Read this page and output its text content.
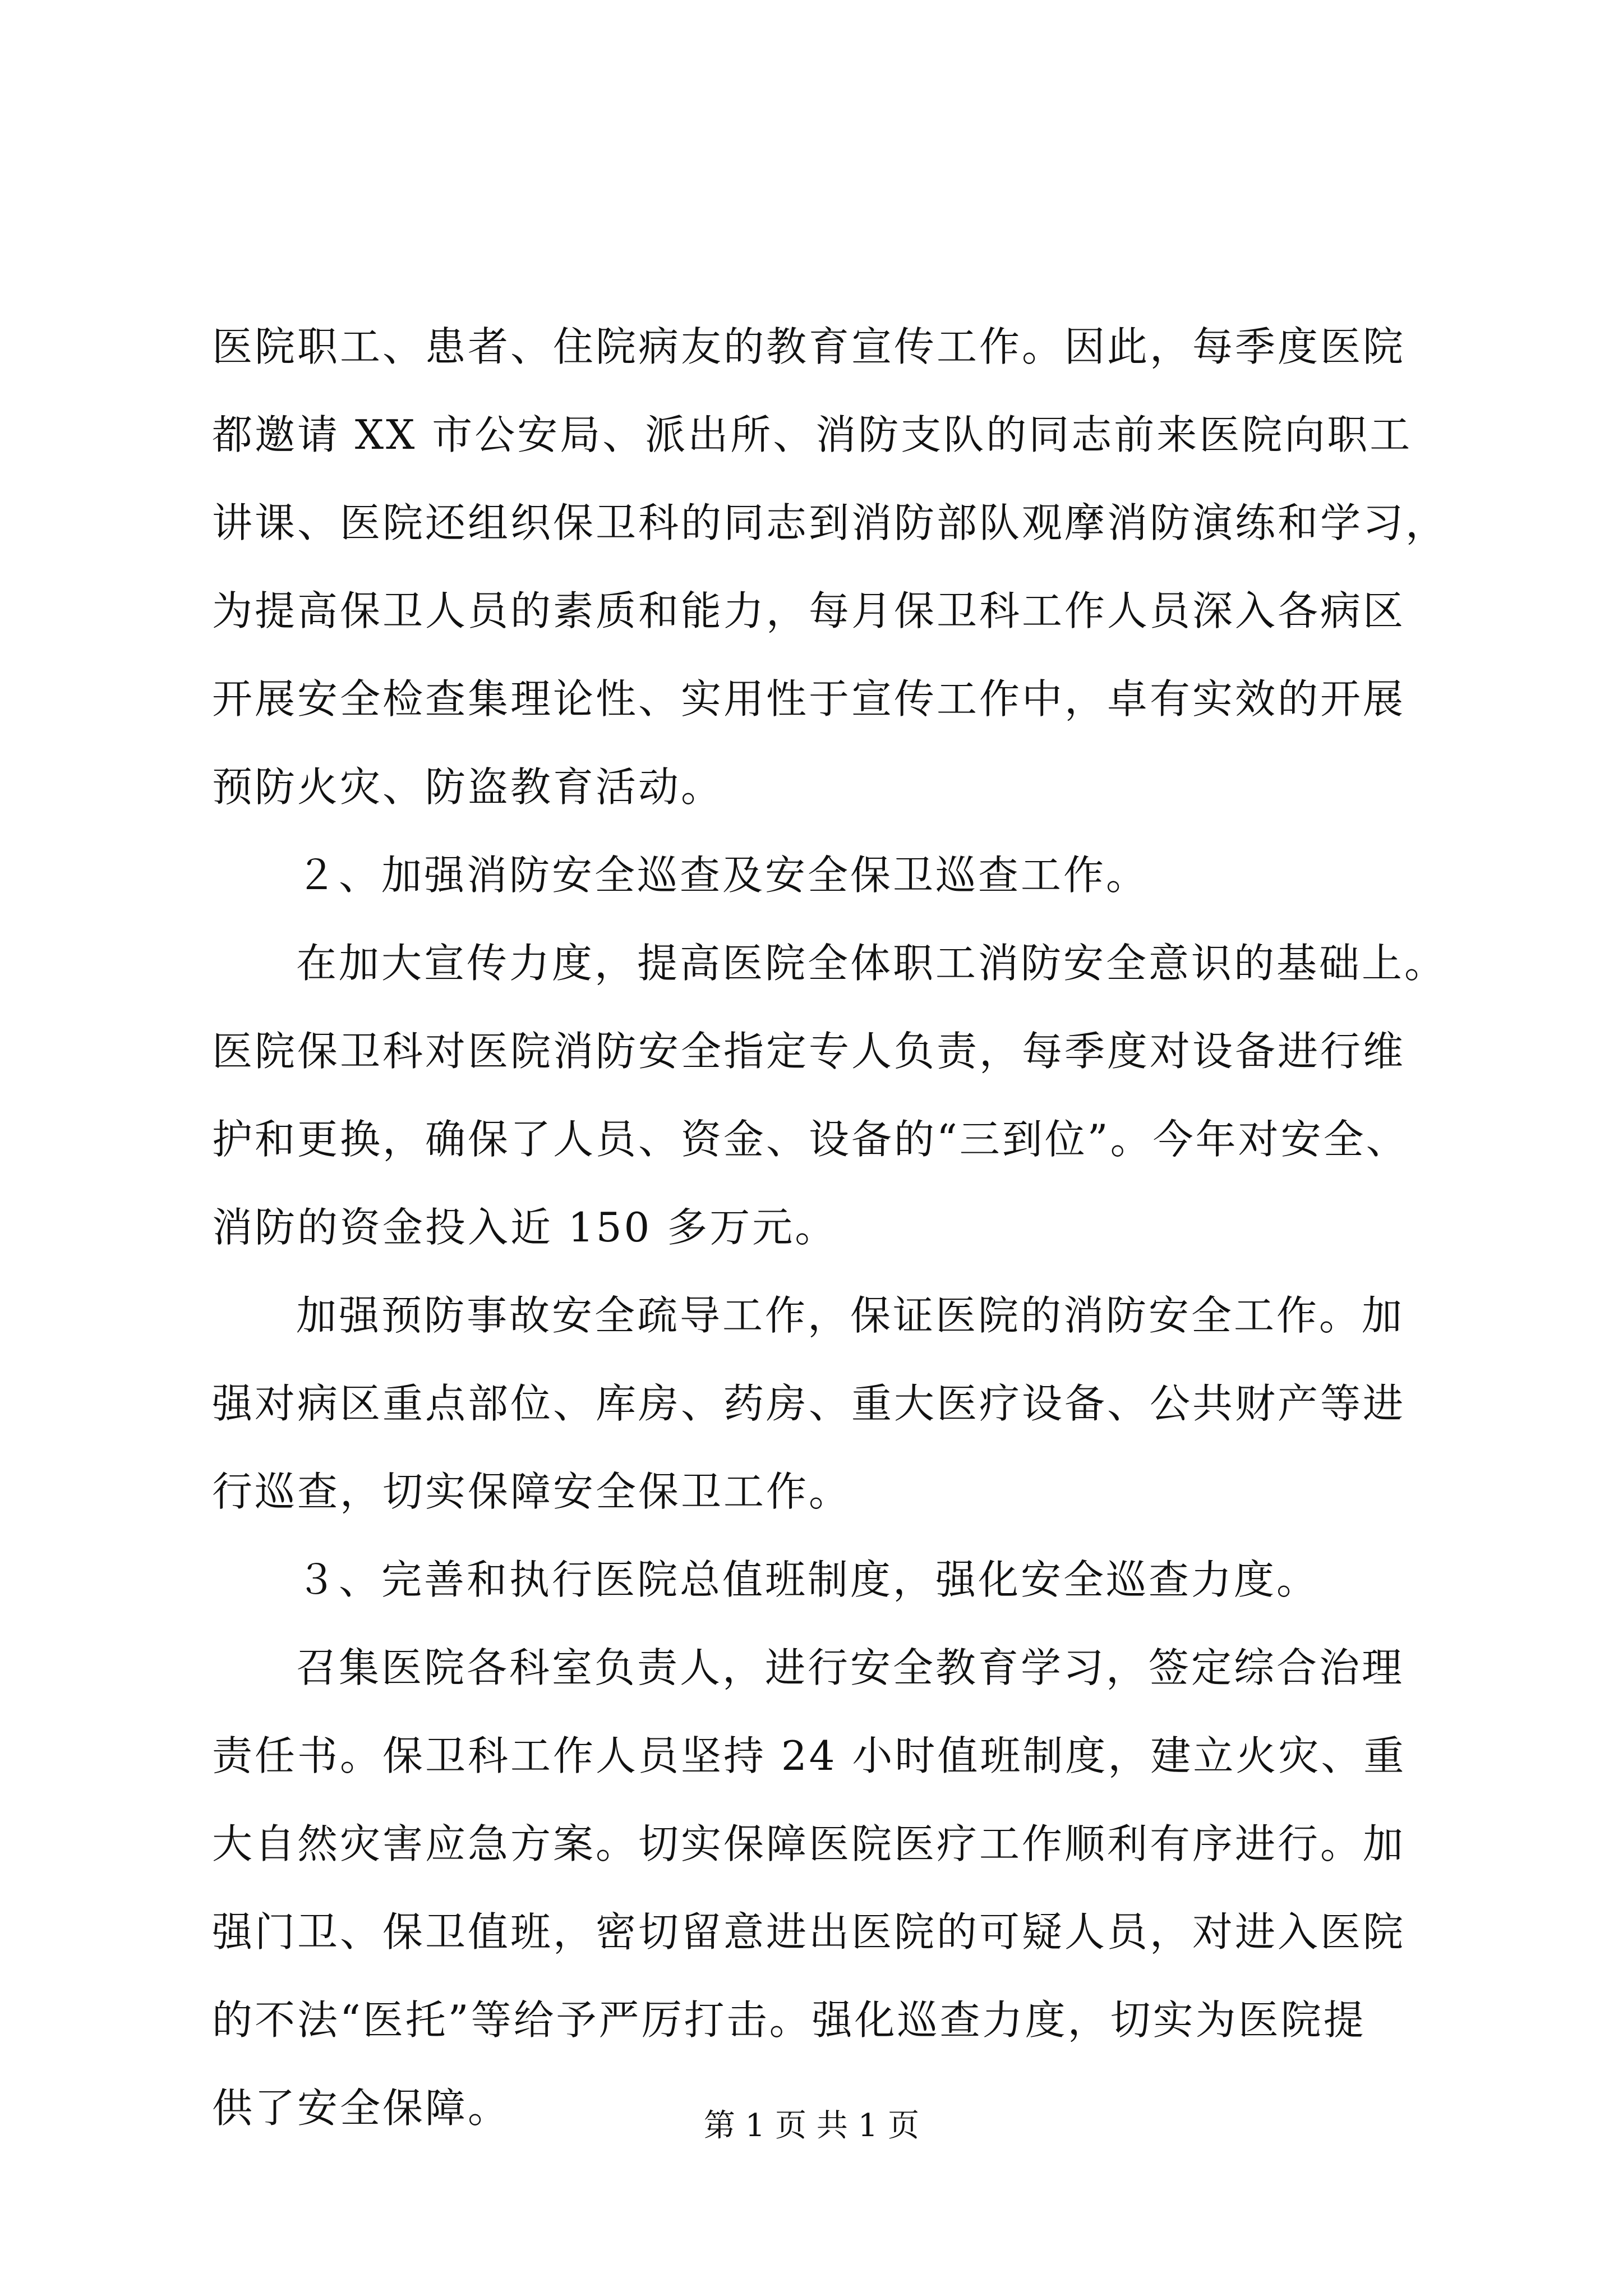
医院职工、患者、住院病友的教育宣传工作。因此，每季度医院
都邀请 XX 市公安局、派出所、消防支队的同志前来医院向职工
讲课、医院还组织保卫科的同志到消防部队观摩消防演练和学习，
为提高保卫人员的素质和能力，每月保卫科工作人员深入各病区
开展安全检查集理论性、实用性于宣传工作中，卓有实效的开展
预防火灾、防盗教育活动。
２、加强消防安全巡查及安全保卫巡查工作。
在加大宣传力度，提高医院全体职工消防安全意识的基础上。
医院保卫科对医院消防安全指定专人负责，每季度对设备进行维
护和更换，确保了人员、资金、设备的“三到位”。今年对安全、
消防的资金投入近 150 多万元。
加强预防事故安全疏导工作，保证医院的消防安全工作。加
强对病区重点部位、库房、药房、重大医疗设备、公共财产等进
行巡查，切实保障安全保卫工作。
３、完善和执行医院总值班制度，强化安全巡查力度。
召集医院各科室负责人，进行安全教育学习，签定综合治理
责任书。保卫科工作人员坚持 24 小时值班制度，建立火灾、重
大自然灾害应急方案。切实保障医院医疗工作顺利有序进行。加
强门卫、保卫值班，密切留意进出医院的可疑人员，对进入医院
的不法“医托”等给予严厉打击。强化巡查力度，切实为医院提
供了安全保障。	第 1 页 共 1 页
